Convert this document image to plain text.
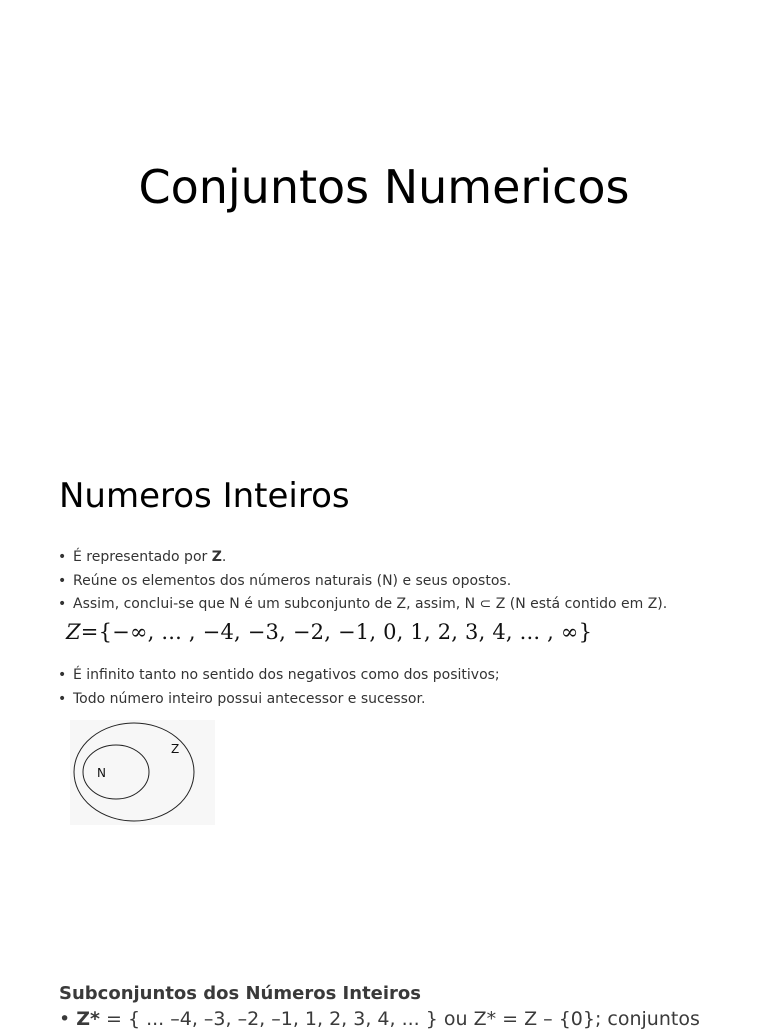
Conjuntos Numericos
Numeros Inteiros
• É representado por Z.
• Reúne os elementos dos números naturais (N) e seus opostos.
• Assim, conclui-se que N é um subconjunto de Z, assim, N ⊂ Z (N está contido em Z).
Z={−∞, ... , −4, −3, −2, −1, 0, 1, 2, 3, 4, ... , ∞}
• É infinito tanto no sentido dos negativos como dos positivos;
• Todo número inteiro possui antecessor e sucessor.
Z
N
Subconjuntos dos Números Inteiros

• Z* = { ... –4, –3, –2, –1, 1, 2, 3, 4, ... } ou Z* = Z – {0}; conjuntos
